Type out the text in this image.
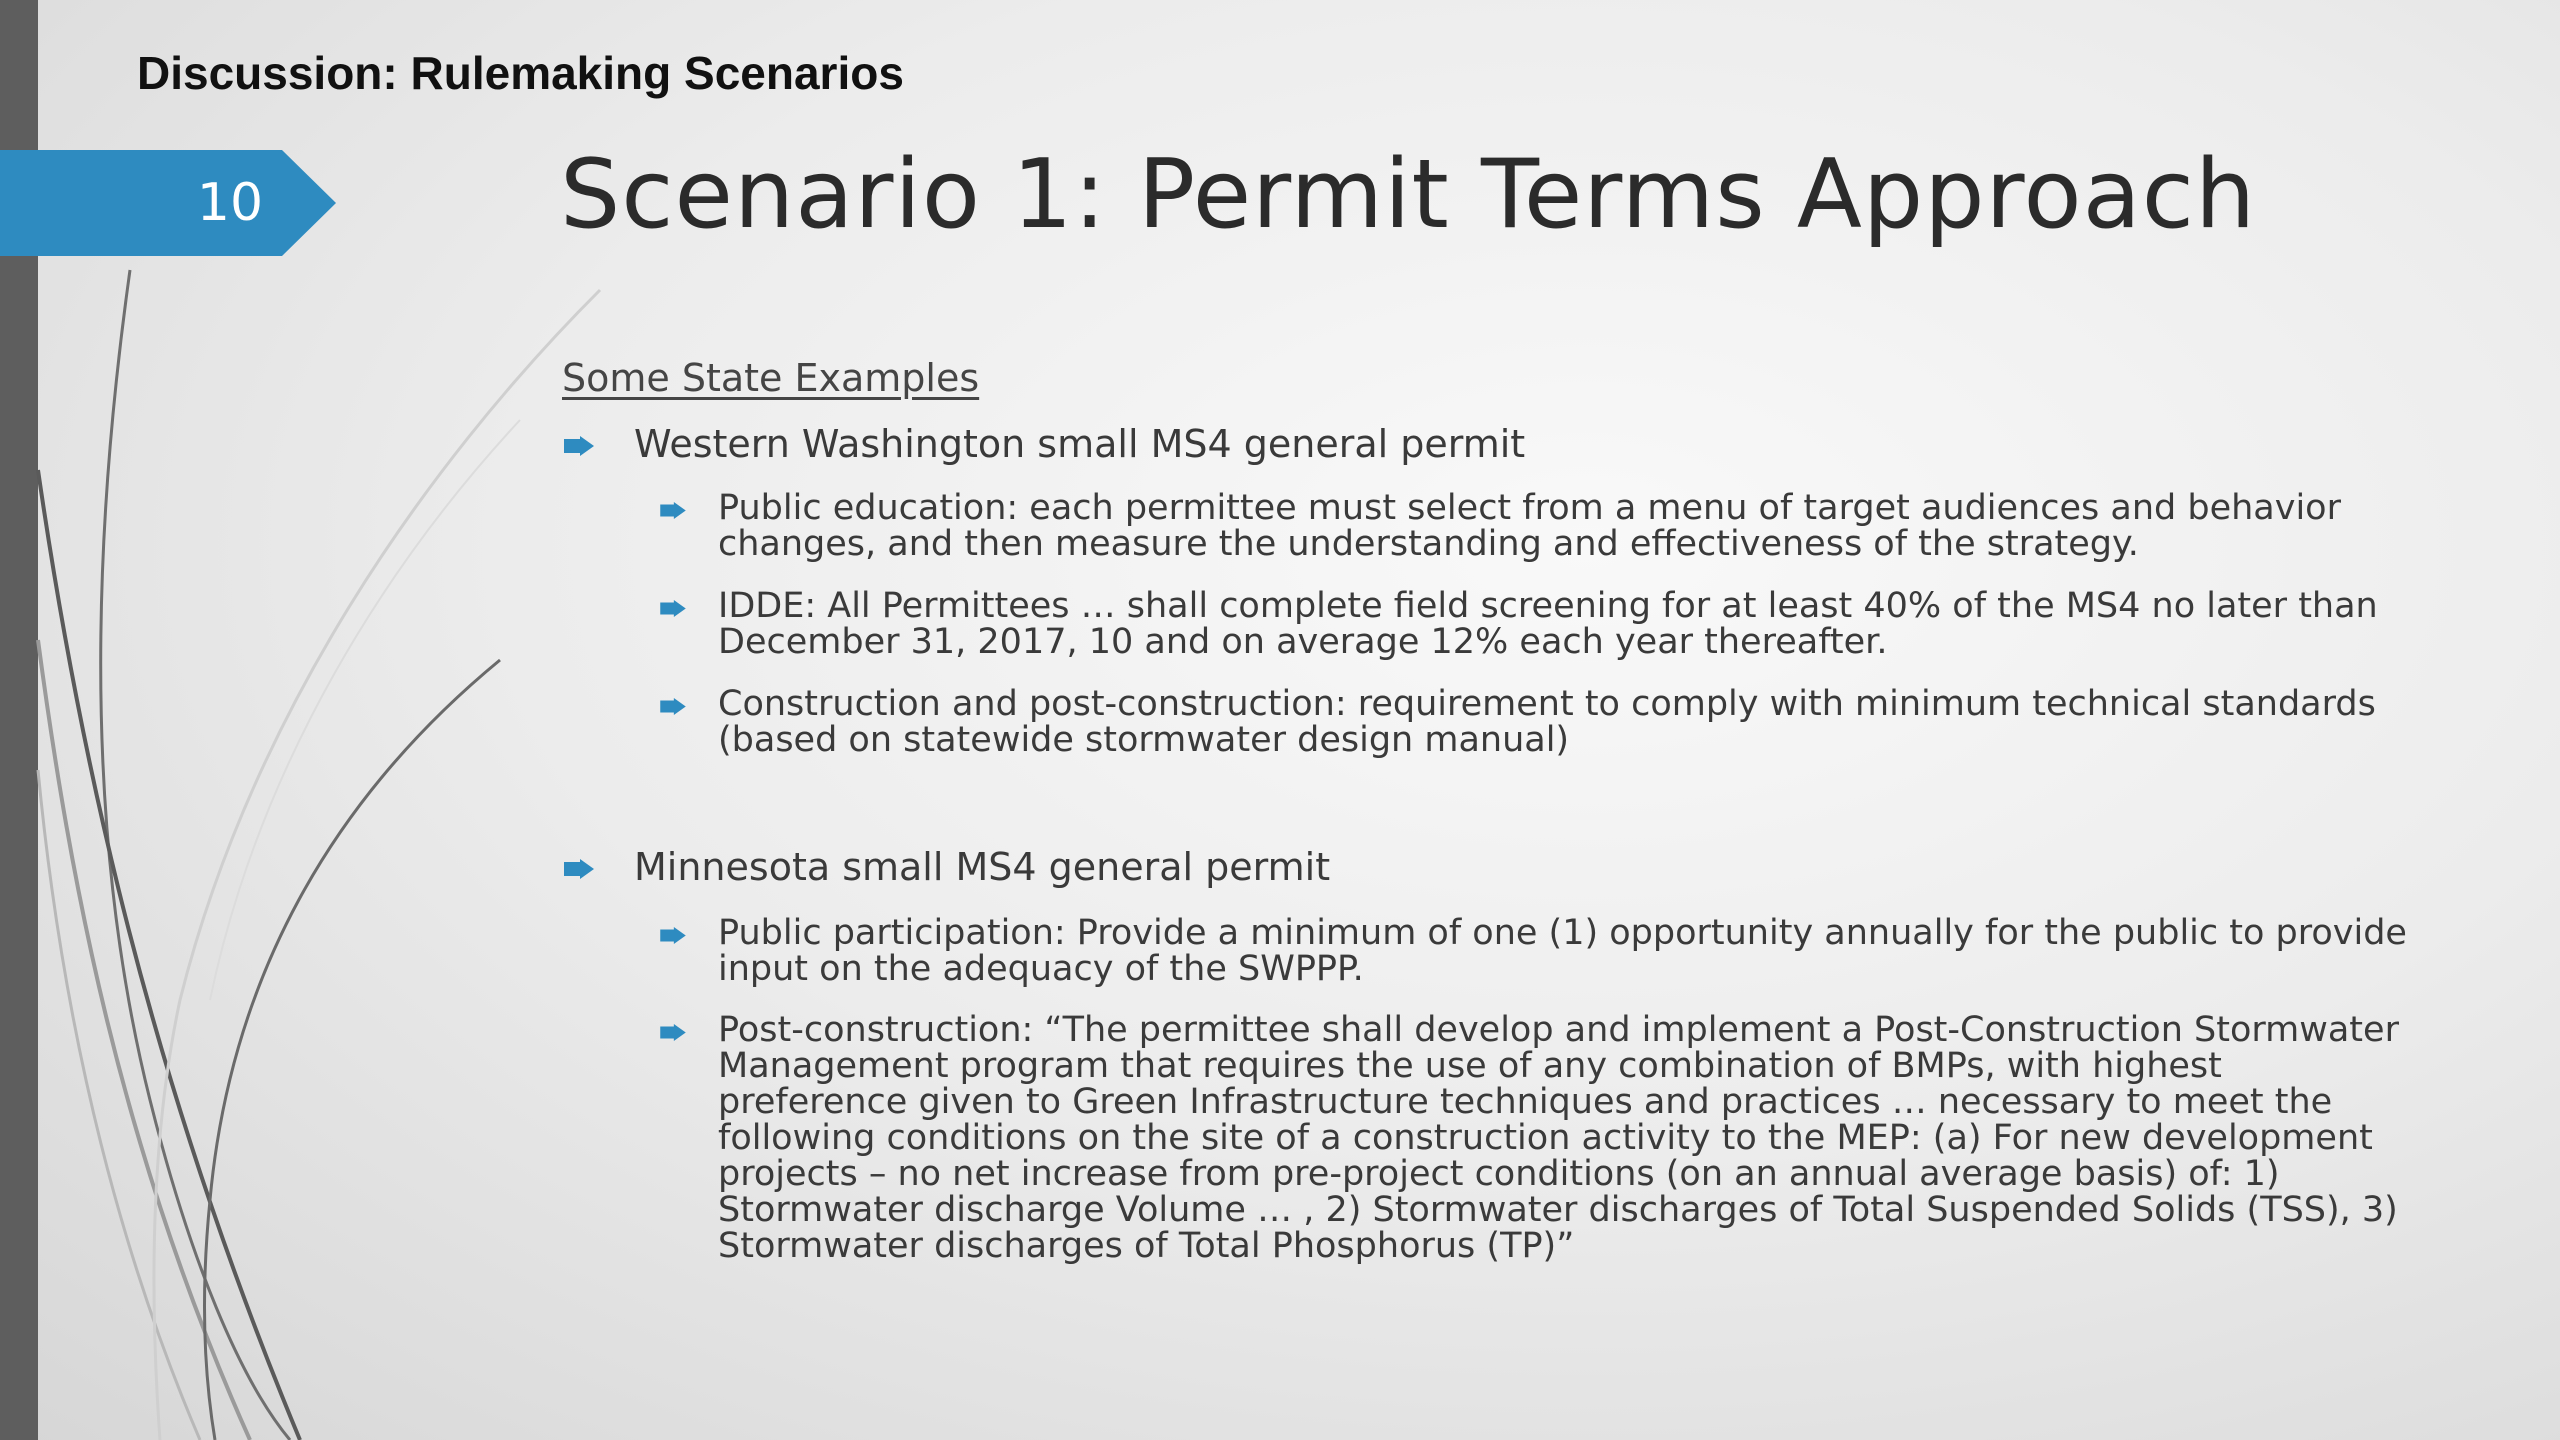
Discussion: Rulemaking Scenarios
10	Scenario 1: Permit Terms Approach
Some State Examples
Western Washington small MS4 general permit
Public education: each permittee must select from a menu of target audiences and behavior changes, and then measure the understanding and effectiveness of the strategy.
IDDE: All Permittees … shall complete field screening for at least 40% of the MS4 no later than December 31, 2017, 10 and on average 12% each year thereafter.
Construction and post-construction: requirement to comply with minimum technical standards (based on statewide stormwater design manual)
Minnesota small MS4 general permit
Public participation: Provide a minimum of one (1) opportunity annually for the public to provide input on the adequacy of the SWPPP.
Post-construction: “The permittee shall develop and implement a Post-Construction Stormwater Management program that requires the use of any combination of BMPs, with highest preference given to Green Infrastructure techniques and practices … necessary to meet the following conditions on the site of a construction activity to the MEP: (a) For new development projects – no net increase from pre-project conditions (on an annual average basis) of: 1) Stormwater discharge Volume … , 2) Stormwater discharges of Total Suspended Solids (TSS), 3) Stormwater discharges of Total Phosphorus (TP)”
